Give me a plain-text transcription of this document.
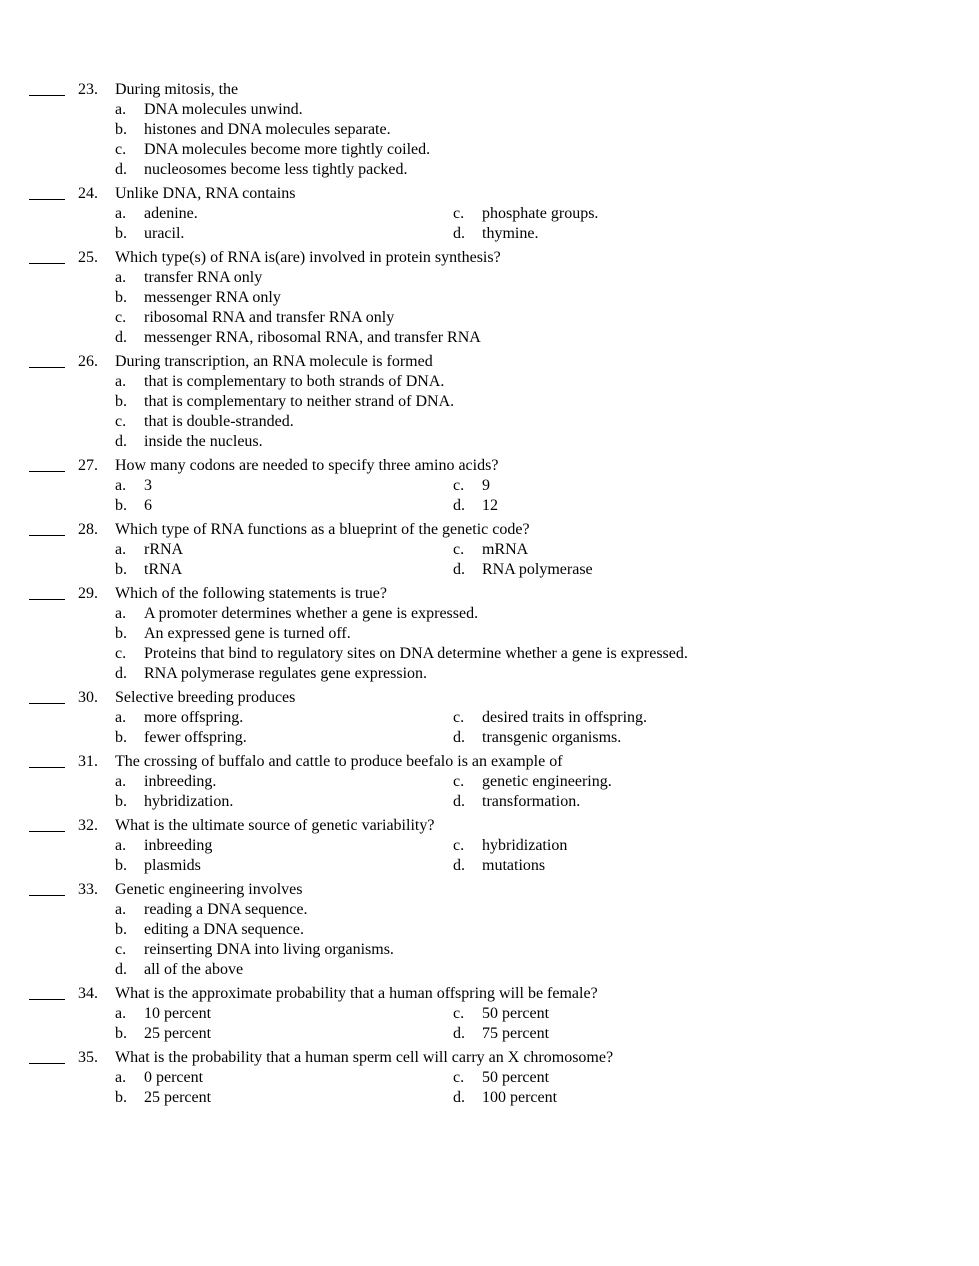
23. During mitosis, the
a. DNA molecules unwind.
b. histones and DNA molecules separate.
c. DNA molecules become more tightly coiled.
d. nucleosomes become less tightly packed.
24. Unlike DNA, RNA contains
a. adenine.	c. phosphate groups.
b. uracil.	d. thymine.
25. Which type(s) of RNA is(are) involved in protein synthesis?
a. transfer RNA only
b. messenger RNA only
c. ribosomal RNA and transfer RNA only
d. messenger RNA, ribosomal RNA, and transfer RNA
26. During transcription, an RNA molecule is formed
a. that is complementary to both strands of DNA.
b. that is complementary to neither strand of DNA.
c. that is double-stranded.
d. inside the nucleus.
27. How many codons are needed to specify three amino acids?
a. 3	c. 9
b. 6	d. 12
28. Which type of RNA functions as a blueprint of the genetic code?
a. rRNA	c. mRNA
b. tRNA	d. RNA polymerase
29. Which of the following statements is true?
a. A promoter determines whether a gene is expressed.
b. An expressed gene is turned off.
c. Proteins that bind to regulatory sites on DNA determine whether a gene is expressed.
d. RNA polymerase regulates gene expression.
30. Selective breeding produces
a. more offspring.	c. desired traits in offspring.
b. fewer offspring.	d. transgenic organisms.
31. The crossing of buffalo and cattle to produce beefalo is an example of
a. inbreeding.	c. genetic engineering.
b. hybridization.	d. transformation.
32. What is the ultimate source of genetic variability?
a. inbreeding	c. hybridization
b. plasmids	d. mutations
33. Genetic engineering involves
a. reading a DNA sequence.
b. editing a DNA sequence.
c. reinserting DNA into living organisms.
d. all of the above
34. What is the approximate probability that a human offspring will be female?
a. 10 percent	c. 50 percent
b. 25 percent	d. 75 percent
35. What is the probability that a human sperm cell will carry an X chromosome?
a. 0 percent	c. 50 percent
b. 25 percent	d. 100 percent
